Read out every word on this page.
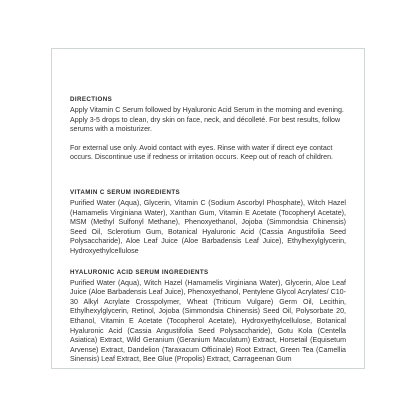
DIRECTIONS

Apply Vitamin C Serum followed by Hyaluronic Acid Serum in the morning and evening. Apply 3-5 drops to clean, dry skin on face, neck, and décolleté. For best results, follow serums with a moisturizer.

For external use only. Avoid contact with eyes. Rinse with water if direct eye contact occurs. Discontinue use if redness or irritation occurs. Keep out of reach of children.

VITAMIN C SERUM INGREDIENTS

Purified Water (Aqua), Glycerin, Vitamin C (Sodium Ascorbyl Phosphate), Witch Hazel (Hamamelis Virginiana Water), Xanthan Gum, Vitamin E Acetate (Tocopheryl Acetate), MSM (Methyl Sulfonyl Methane), Phenoxyethanol, Jojoba (Simmondsia Chinensis) Seed Oil, Sclerotium Gum, Botanical Hyaluronic Acid (Cassia Angustifolia Seed Polysaccharide), Aloe Leaf Juice (Aloe Barbadensis Leaf Juice), Ethylhexylglycerin, Hydroxyethylcellulose

HYALURONIC ACID SERUM INGREDIENTS

Purified Water (Aqua), Witch Hazel (Hamamelis Virginiana Water), Glycerin, Aloe Leaf Juice (Aloe Barbadensis Leaf Juice), Phenoxyethanol, Pentylene Glycol Acrylates/ C10-30 Alkyl Acrylate Crosspolymer, Wheat (Triticum Vulgare) Germ Oil, Lecithin, Ethylhexylglycerin, Retinol, Jojoba (Simmondsia Chinensis) Seed Oil, Polysorbate 20, Ethanol, Vitamin E Acetate (Tocopherol Acetate), Hydroxyethylcellulose, Botanical Hyaluronic Acid (Cassia Angustifolia Seed Polysaccharide), Gotu Kola (Centella Asiatica) Extract, Wild Geranium (Geranium Maculatum) Extract, Horsetail (Equisetum Arvense) Extract, Dandelion (Taraxacum Officinale) Root Extract, Green Tea (Camellia Sinensis) Leaf Extract, Bee Glue (Propolis) Extract, Carrageenan Gum
